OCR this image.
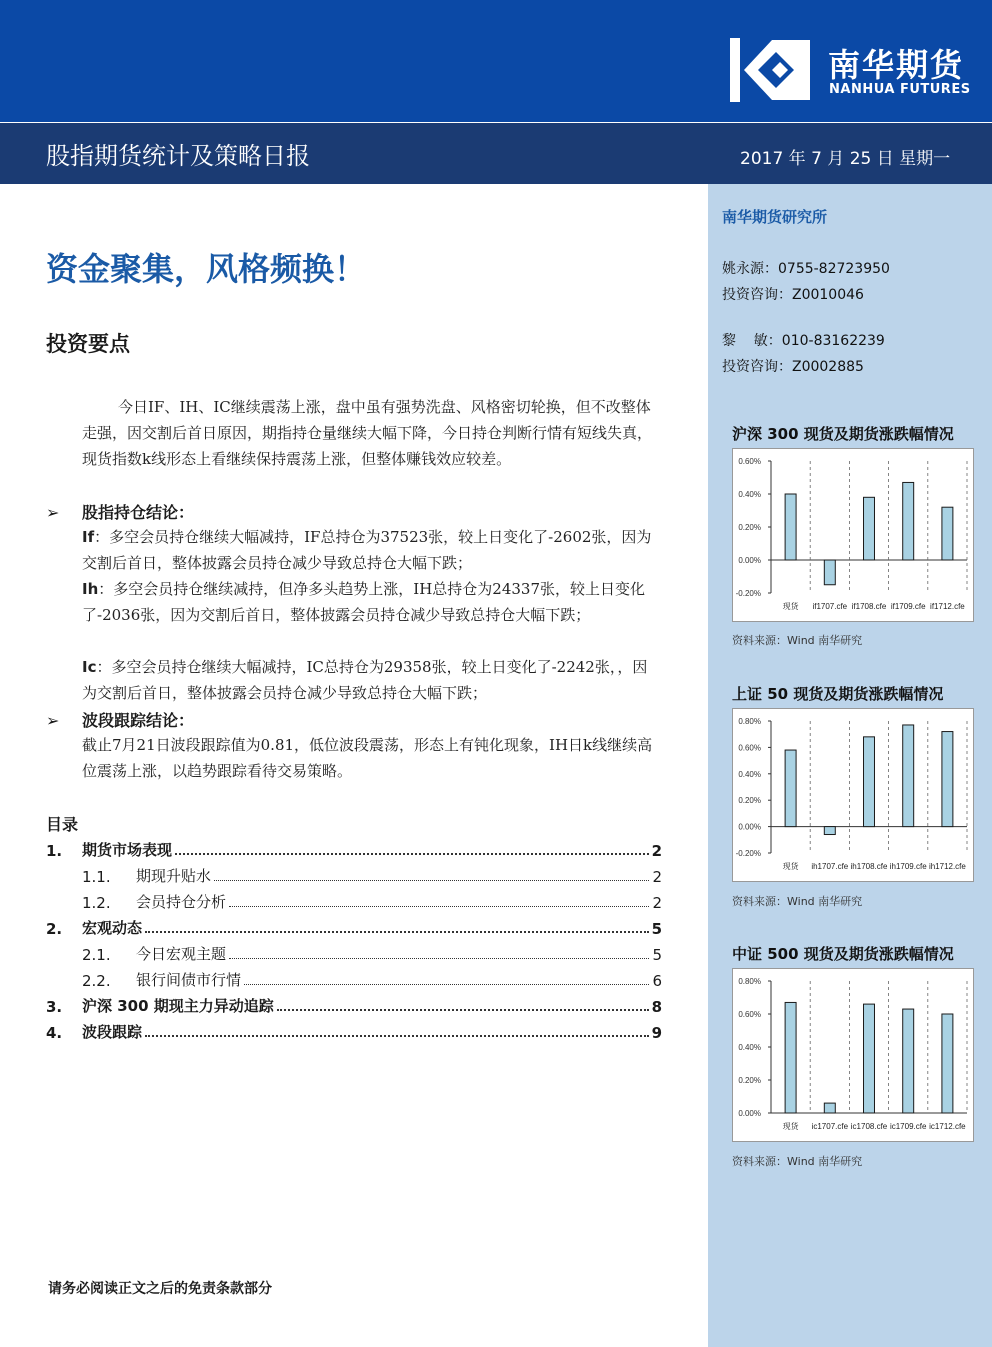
南华期货
NANHUA FUTURES
股指期货统计及策略日报	2017 年 7 月 25 日 星期一
南华期货研究所
姚永源：0755-82723950
投资咨询：Z0010046
黎    敏：010-83162239
投资咨询：Z0002885
沪深 300 现货及期货涨跌幅情况
-0.20%
0.00%
0.20%
0.40%
0.60%
现货 if1707.cfe if1708.cfe if1709.cfe if1712.cfe
资料来源：Wind 南华研究
上证 50 现货及期货涨跌幅情况
-0.20%
0.00%
0.20%
0.40%
0.60%
0.80%
现货 ih1707.cfe ih1708.cfe ih1709.cfe ih1712.cfe
资料来源：Wind 南华研究
中证 500 现货及期货涨跌幅情况
0.00%
0.20%
0.40%
0.60%
0.80%
现货 ic1707.cfe ic1708.cfe ic1709.cfe ic1712.cfe
资料来源：Wind 南华研究
资金聚集，风格频换！
投资要点
今日IF、IH、IC继续震荡上涨，盘中虽有强势洗盘、风格密切轮换，但不改整体走强，因交割后首日原因，期指持仓量继续大幅下降，今日持仓判断行情有短线失真，现货指数k线形态上看继续保持震荡上涨，但整体赚钱效应较差。
➢ 股指持仓结论：
If：多空会员持仓继续大幅减持，IF总持仓为37523张，较上日变化了-2602张，因为交割后首日，整体披露会员持仓减少导致总持仓大幅下跌；
Ih：多空会员持仓继续减持，但净多头趋势上涨，IH总持仓为24337张，较上日变化了-2036张，因为交割后首日，整体披露会员持仓减少导致总持仓大幅下跌；
Ic：多空会员持仓继续大幅减持，IC总持仓为29358张，较上日变化了-2242张，，因为交割后首日，整体披露会员持仓减少导致总持仓大幅下跌；
➢ 波段跟踪结论：
截止7月21日波段跟踪值为0.81，低位波段震荡，形态上有钝化现象，IH日k线继续高位震荡上涨，以趋势跟踪看待交易策略。
目录
1.	期货市场表现	2
1.1.	期现升贴水	2
1.2.	会员持仓分析	2
2.	宏观动态	5
2.1.	今日宏观主题	5
2.2.	银行间债市行情	6
3.	沪深 300 期现主力异动追踪	8
4.	波段跟踪	9
请务必阅读正文之后的免责条款部分
